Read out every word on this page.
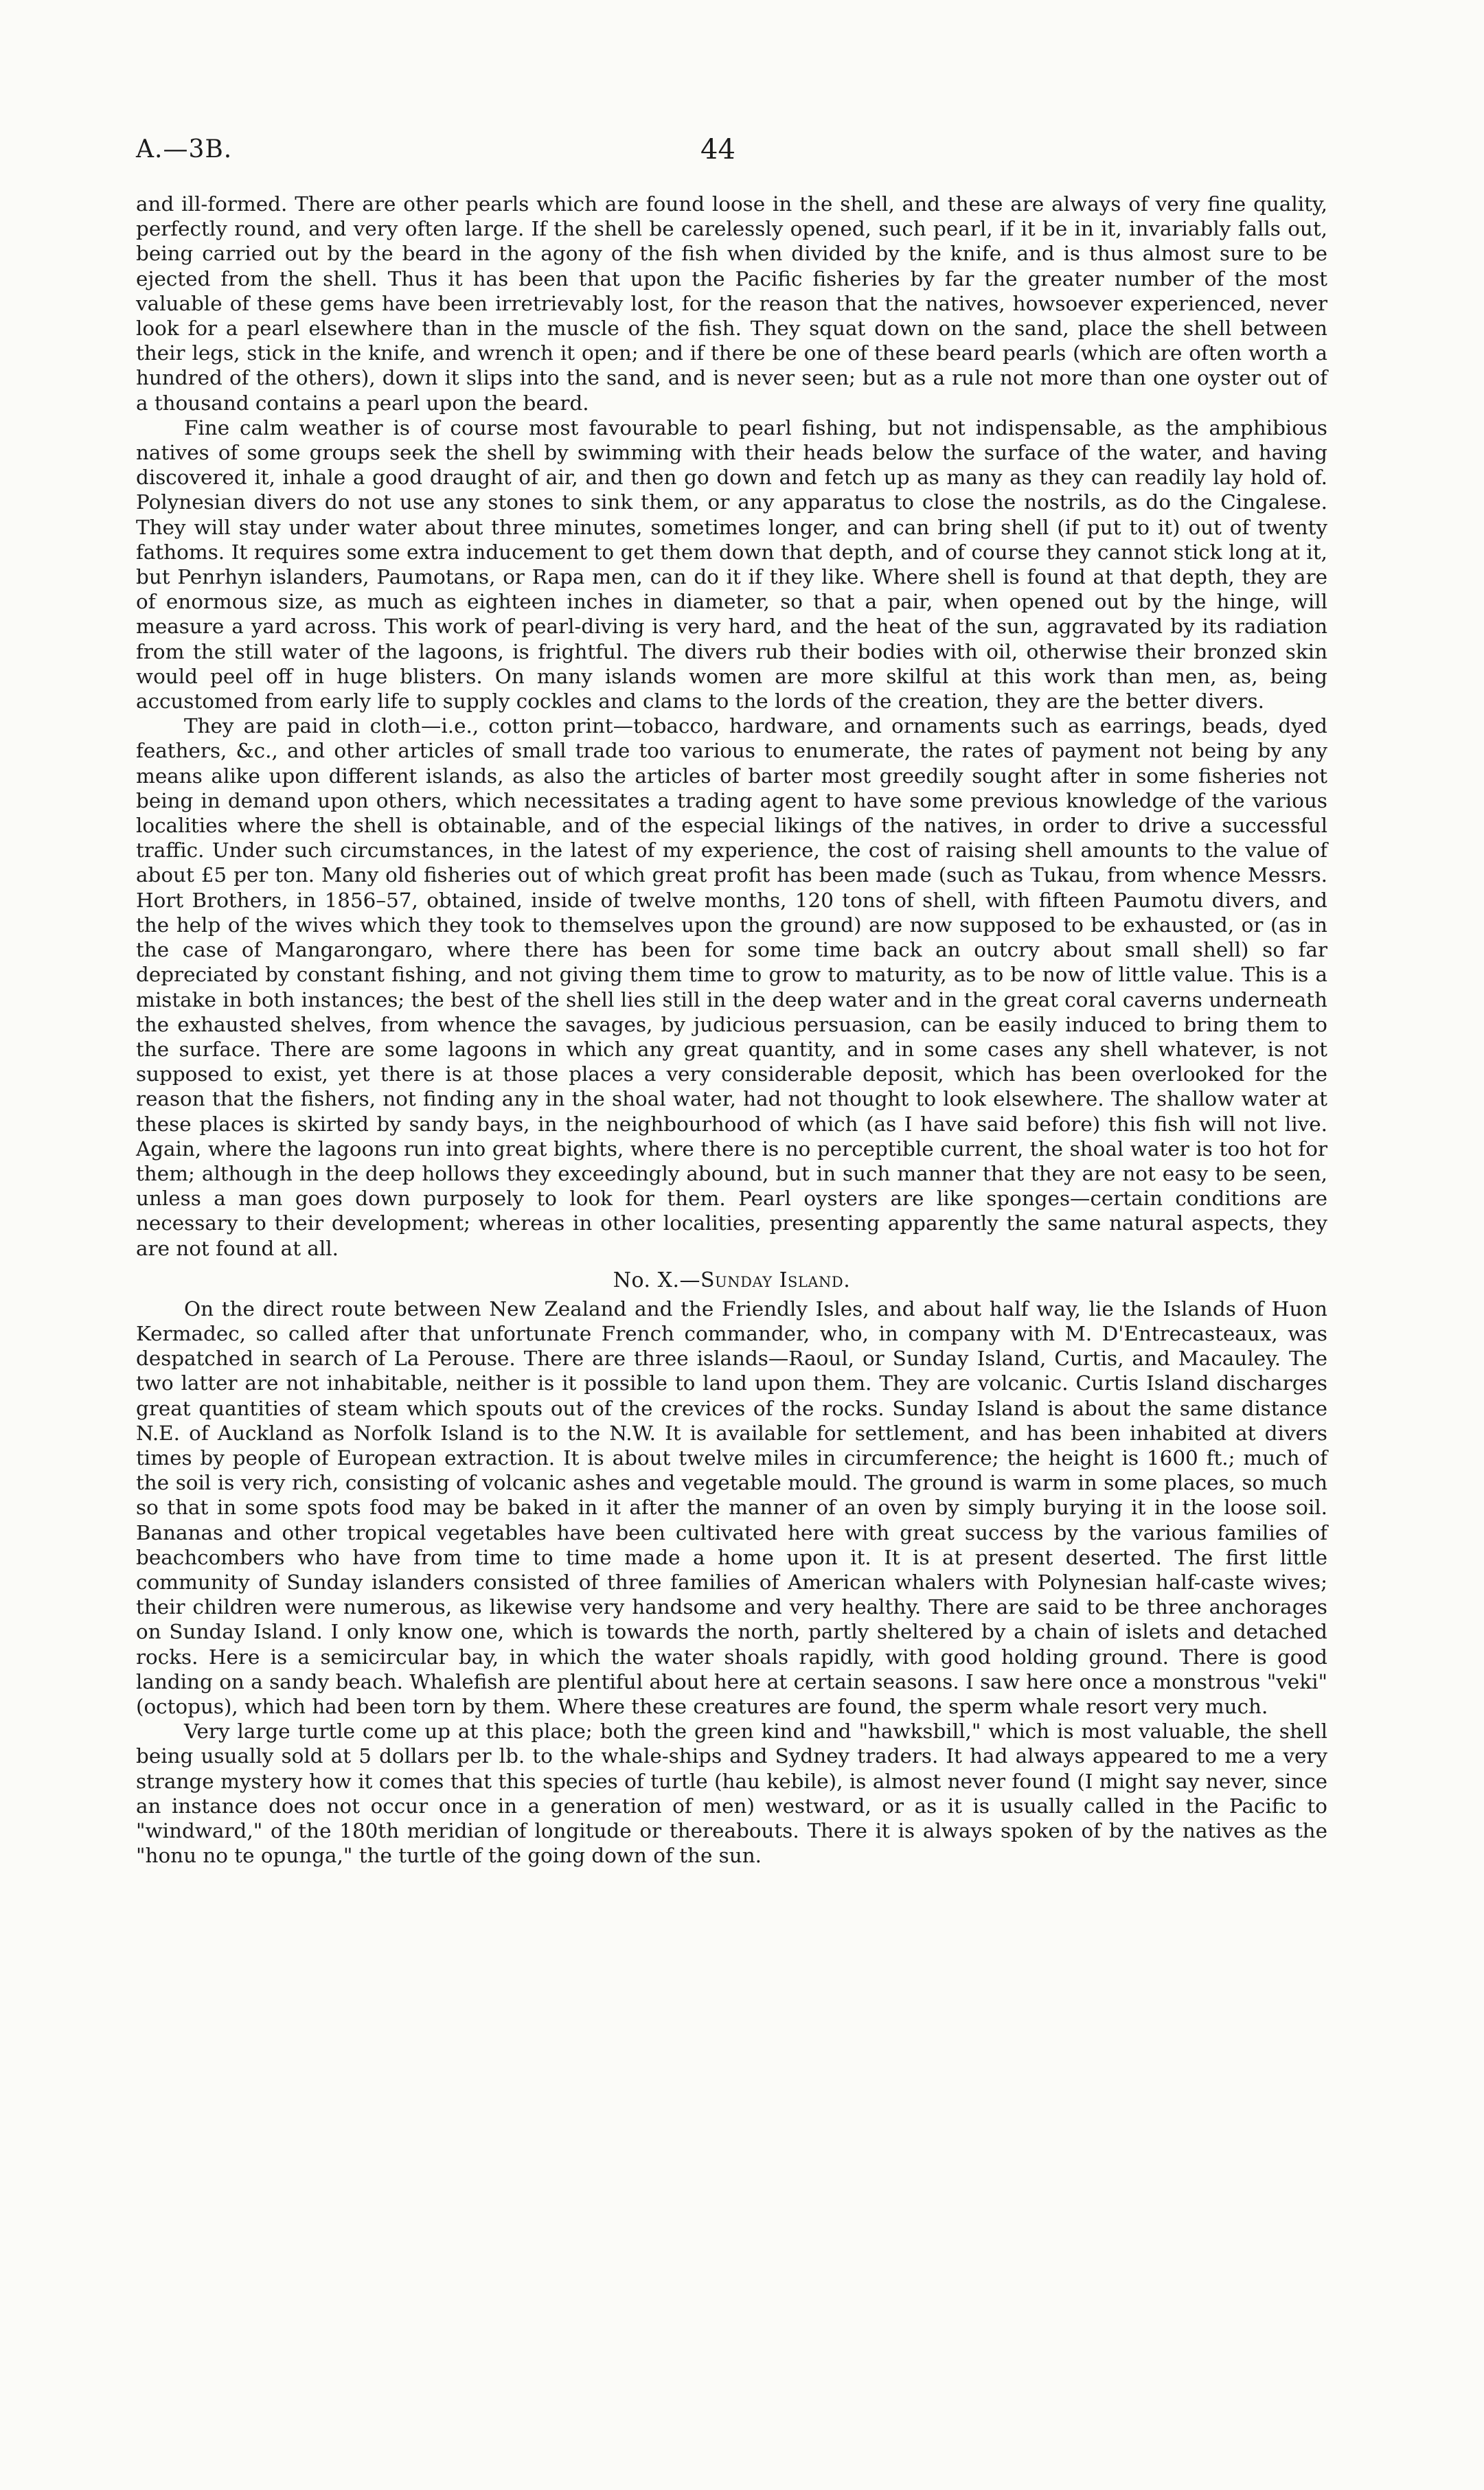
A.—3B.	44

and ill-formed. There are other pearls which are found loose in the shell, and these are always of very fine quality, perfectly round, and very often large. If the shell be carelessly opened, such pearl, if it be in it, invariably falls out, being carried out by the beard in the agony of the fish when divided by the knife, and is thus almost sure to be ejected from the shell. Thus it has been that upon the Pacific fisheries by far the greater number of the most valuable of these gems have been irretrievably lost, for the reason that the natives, howsoever experienced, never look for a pearl elsewhere than in the muscle of the fish. They squat down on the sand, place the shell between their legs, stick in the knife, and wrench it open; and if there be one of these beard pearls (which are often worth a hundred of the others), down it slips into the sand, and is never seen; but as a rule not more than one oyster out of a thousand contains a pearl upon the beard.

Fine calm weather is of course most favourable to pearl fishing, but not indispensable, as the amphibious natives of some groups seek the shell by swimming with their heads below the surface of the water, and having discovered it, inhale a good draught of air, and then go down and fetch up as many as they can readily lay hold of. Polynesian divers do not use any stones to sink them, or any apparatus to close the nostrils, as do the Cingalese. They will stay under water about three minutes, sometimes longer, and can bring shell (if put to it) out of twenty fathoms. It requires some extra inducement to get them down that depth, and of course they cannot stick long at it, but Penrhyn islanders, Paumotans, or Rapa men, can do it if they like. Where shell is found at that depth, they are of enormous size, as much as eighteen inches in diameter, so that a pair, when opened out by the hinge, will measure a yard across. This work of pearl-diving is very hard, and the heat of the sun, aggravated by its radiation from the still water of the lagoons, is frightful. The divers rub their bodies with oil, otherwise their bronzed skin would peel off in huge blisters. On many islands women are more skilful at this work than men, as, being accustomed from early life to supply cockles and clams to the lords of the creation, they are the better divers.

They are paid in cloth—i.e., cotton print—tobacco, hardware, and ornaments such as earrings, beads, dyed feathers, &c., and other articles of small trade too various to enumerate, the rates of payment not being by any means alike upon different islands, as also the articles of barter most greedily sought after in some fisheries not being in demand upon others, which necessitates a trading agent to have some previous knowledge of the various localities where the shell is obtainable, and of the especial likings of the natives, in order to drive a successful traffic. Under such circumstances, in the latest of my experience, the cost of raising shell amounts to the value of about £5 per ton. Many old fisheries out of which great profit has been made (such as Tukau, from whence Messrs. Hort Brothers, in 1856–57, obtained, inside of twelve months, 120 tons of shell, with fifteen Paumotu divers, and the help of the wives which they took to themselves upon the ground) are now supposed to be exhausted, or (as in the case of Mangarongaro, where there has been for some time back an outcry about small shell) so far depreciated by constant fishing, and not giving them time to grow to maturity, as to be now of little value. This is a mistake in both instances; the best of the shell lies still in the deep water and in the great coral caverns underneath the exhausted shelves, from whence the savages, by judicious persuasion, can be easily induced to bring them to the surface. There are some lagoons in which any great quantity, and in some cases any shell whatever, is not supposed to exist, yet there is at those places a very considerable deposit, which has been overlooked for the reason that the fishers, not finding any in the shoal water, had not thought to look elsewhere. The shallow water at these places is skirted by sandy bays, in the neighbourhood of which (as I have said before) this fish will not live. Again, where the lagoons run into great bights, where there is no perceptible current, the shoal water is too hot for them; although in the deep hollows they exceedingly abound, but in such manner that they are not easy to be seen, unless a man goes down purposely to look for them. Pearl oysters are like sponges—certain conditions are necessary to their development; whereas in other localities, presenting apparently the same natural aspects, they are not found at all.

No. X.—Sunday Island.

On the direct route between New Zealand and the Friendly Isles, and about half way, lie the Islands of Huon Kermadec, so called after that unfortunate French commander, who, in company with M. D'Entrecasteaux, was despatched in search of La Perouse. There are three islands—Raoul, or Sunday Island, Curtis, and Macauley. The two latter are not inhabitable, neither is it possible to land upon them. They are volcanic. Curtis Island discharges great quantities of steam which spouts out of the crevices of the rocks. Sunday Island is about the same distance N.E. of Auckland as Norfolk Island is to the N.W. It is available for settlement, and has been inhabited at divers times by people of European extraction. It is about twelve miles in circumference; the height is 1600 ft.; much of the soil is very rich, consisting of volcanic ashes and vegetable mould. The ground is warm in some places, so much so that in some spots food may be baked in it after the manner of an oven by simply burying it in the loose soil. Bananas and other tropical vegetables have been cultivated here with great success by the various families of beachcombers who have from time to time made a home upon it. It is at present deserted. The first little community of Sunday islanders consisted of three families of American whalers with Polynesian half-caste wives; their children were numerous, as likewise very handsome and very healthy. There are said to be three anchorages on Sunday Island. I only know one, which is towards the north, partly sheltered by a chain of islets and detached rocks. Here is a semicircular bay, in which the water shoals rapidly, with good holding ground. There is good landing on a sandy beach. Whalefish are plentiful about here at certain seasons. I saw here once a monstrous "veki" (octopus), which had been torn by them. Where these creatures are found, the sperm whale resort very much.

Very large turtle come up at this place; both the green kind and "hawksbill," which is most valuable, the shell being usually sold at 5 dollars per lb. to the whale-ships and Sydney traders. It had always appeared to me a very strange mystery how it comes that this species of turtle (hau kebile), is almost never found (I might say never, since an instance does not occur once in a generation of men) westward, or as it is usually called in the Pacific to "windward," of the 180th meridian of longitude or thereabouts. There it is always spoken of by the natives as the "honu no te opunga," the turtle of the going down of the sun.
